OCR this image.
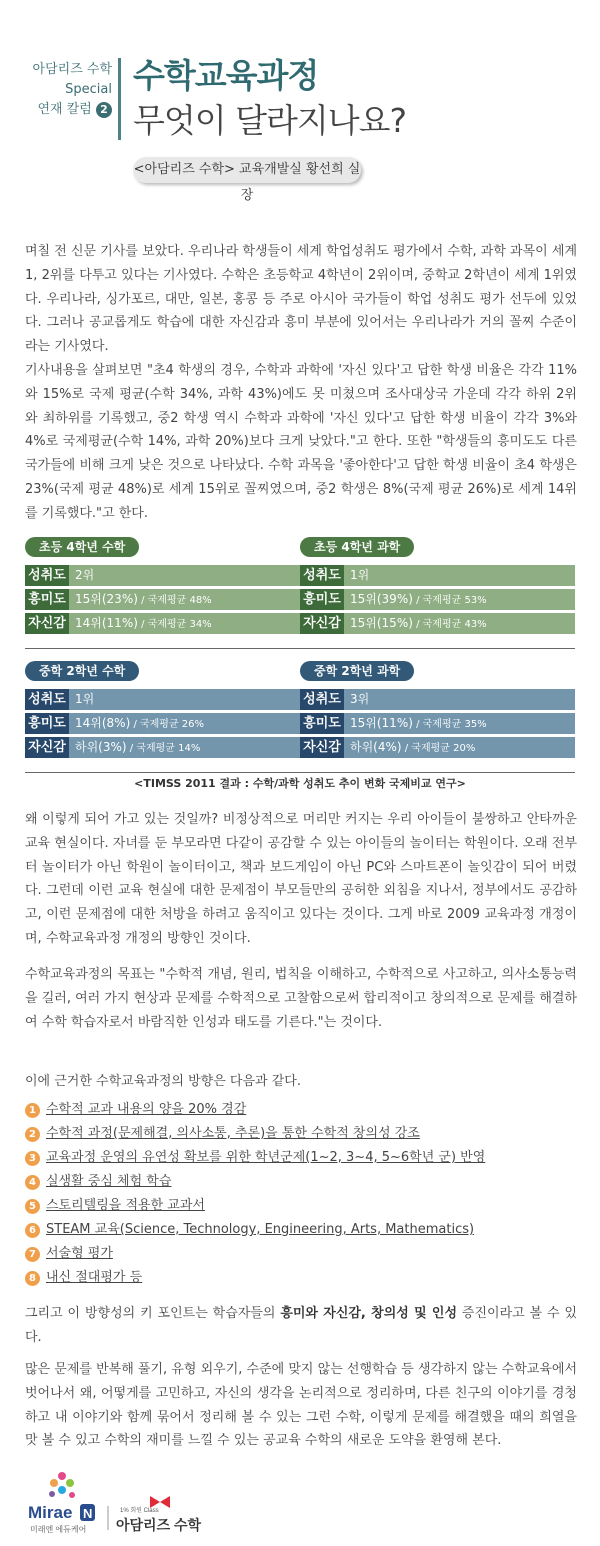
아담리즈 수학
Special
연재 칼럼 2
수학교육과정
무엇이 달라지나요?
<아담리즈 수학> 교육개발실 황선희 실장
며칠 전 신문 기사를 보았다. 우리나라 학생들이 세계 학업성취도 평가에서 수학, 과학 과목이 세계 1, 2위를 다투고 있다는 기사였다. 수학은 초등학교 4학년이 2위이며, 중학교 2학년이 세계 1위였다. 우리나라, 싱가포르, 대만, 일본, 홍콩 등 주로 아시아 국가들이 학업 성취도 평가 선두에 있었다. 그러나 공교롭게도 학습에 대한 자신감과 흥미 부분에 있어서는 우리나라가 거의 꼴찌 수준이라는 기사였다.
기사내용을 살펴보면 "초4 학생의 경우, 수학과 과학에 '자신 있다'고 답한 학생 비율은 각각 11%와 15%로 국제 평균(수학 34%, 과학 43%)에도 못 미쳤으며 조사대상국 가운데 각각 하위 2위와 최하위를 기록했고, 중2 학생 역시 수학과 과학에 '자신 있다'고 답한 학생 비율이 각각 3%와 4%로 국제평균(수학 14%, 과학 20%)보다 크게 낮았다."고 한다. 또한 "학생들의 흥미도도 다른 국가들에 비해 크게 낮은 것으로 나타났다. 수학 과목을 '좋아한다'고 답한 학생 비율이 초4 학생은 23%(국제 평균 48%)로 세계 15위로 꼴찌였으며, 중2 학생은 8%(국제 평균 26%)로 세계 14위를 기록했다."고 한다.
초등 4학년 수학
성취도 2위
흥미도 15위(23%) / 국제평균 48%
자신감 14위(11%) / 국제평균 34%
초등 4학년 과학
성취도 1위
흥미도 15위(39%) / 국제평균 53%
자신감 15위(15%) / 국제평균 43%
중학 2학년 수학
성취도 1위
흥미도 14위(8%) / 국제평균 26%
자신감 하위(3%) / 국제평균 14%
중학 2학년 과학
성취도 3위
흥미도 15위(11%) / 국제평균 35%
자신감 하위(4%) / 국제평균 20%
<TIMSS 2011 결과 : 수학/과학 성취도 추이 변화 국제비교 연구>
왜 이렇게 되어 가고 있는 것일까? 비정상적으로 머리만 커지는 우리 아이들이 불쌍하고 안타까운 교육 현실이다. 자녀를 둔 부모라면 다같이 공감할 수 있는 아이들의 놀이터는 학원이다. 오래 전부터 놀이터가 아닌 학원이 놀이터이고, 책과 보드게임이 아닌 PC와 스마트폰이 놀잇감이 되어 버렸다. 그런데 이런 교육 현실에 대한 문제점이 부모들만의 공허한 외침을 지나서, 정부에서도 공감하고, 이런 문제점에 대한 처방을 하려고 움직이고 있다는 것이다. 그게 바로 2009 교육과정 개정이며, 수학교육과정 개정의 방향인 것이다.
수학교육과정의 목표는 "수학적 개념, 원리, 법칙을 이해하고, 수학적으로 사고하고, 의사소통능력을 길러, 여러 가지 현상과 문제를 수학적으로 고찰함으로써 합리적이고 창의적으로 문제를 해결하여 수학 학습자로서 바람직한 인성과 태도를 기른다."는 것이다.
이에 근거한 수학교육과정의 방향은 다음과 같다.
1 수학적 교과 내용의 양을 20% 경감
2 수학적 과정(문제해결, 의사소통, 추론)을 통한 수학적 창의성 강조
3 교육과정 운영의 유연성 확보를 위한 학년군제(1~2, 3~4, 5~6학년 군) 반영
4 실생활 중심 체험 학습
5 스토리텔링을 적용한 교과서
6 STEAM 교육(Science, Technology, Engineering, Arts, Mathematics)
7 서술형 평가
8 내신 절대평가 등
그리고 이 방향성의 키 포인트는 학습자들의 흥미와 자신감, 창의성 및 인성 증진이라고 볼 수 있다.
많은 문제를 반복해 풀기, 유형 외우기, 수준에 맞지 않는 선행학습 등 생각하지 않는 수학교육에서 벗어나서 왜, 어떻게를 고민하고, 자신의 생각을 논리적으로 정리하며, 다른 친구의 이야기를 경청하고 내 이야기와 함께 묶어서 정리해 볼 수 있는 그런 수학, 이렇게 문제를 해결했을 때의 희열을 맛 볼 수 있고 수학의 재미를 느낄 수 있는 공교육 수학의 새로운 도약을 환영해 본다.
Mirae N
미래엔 에듀케어
1% 회원 Class
아담리즈 수학
